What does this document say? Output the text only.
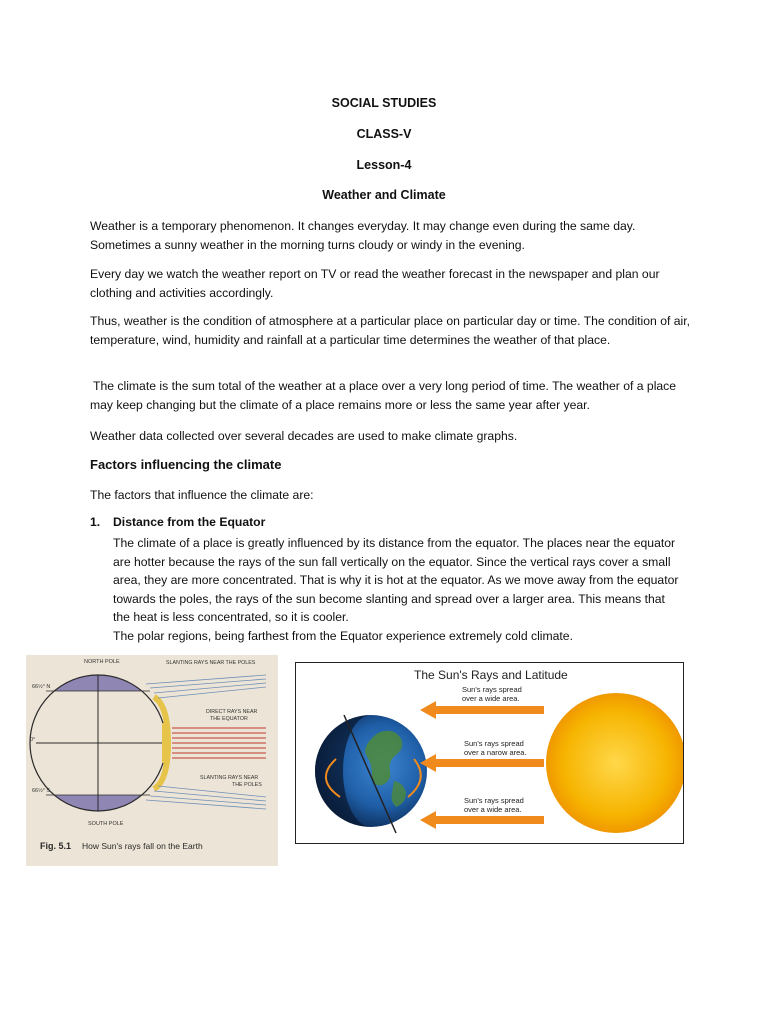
SOCIAL STUDIES
CLASS-V
Lesson-4
Weather and Climate
Weather is a temporary phenomenon. It changes everyday. It may change even during the same day. Sometimes a sunny weather in the morning turns cloudy or windy in the evening.
Every day we watch the weather report on TV or read the weather forecast in the newspaper and plan our clothing and activities accordingly.
Thus, weather is the condition of atmosphere at a particular place on particular day or time. The condition of air, temperature, wind, humidity and rainfall at a particular time determines the weather of that place.
The climate is the sum total of the weather at a place over a very long period of time. The weather of a place may keep changing but the climate of a place remains more or less the same year after year.
Weather data collected over several decades are used to make climate graphs.
Factors influencing the climate
The factors that influence the climate are:
1. Distance from the Equator
The climate of a place is greatly influenced by its distance from the equator. The places near the equator are hotter because the rays of the sun fall vertically on the equator. Since the vertical rays cover a small area, they are more concentrated. That is why it is hot at the equator. As we move away from the equator towards the poles, the rays of the sun become slanting and spread over a larger area. This means that the heat is less concentrated, so it is cooler.
The polar regions, being farthest from the Equator experience extremely cold climate.
NORTH POLE
SOUTH POLE
66½° N
0°
66½° S
SLANTING RAYS NEAR THE POLES
DIRECT RAYS NEAR
THE EQUATOR
SLANTING RAYS NEAR
THE POLES
Fig. 5.1 How Sun's rays fall on the Earth
The Sun's Rays and Latitude
Sun's rays spread
over a wide area.
Sun's rays spread
over a narow area.
Sun's rays spread
over a wide area.
